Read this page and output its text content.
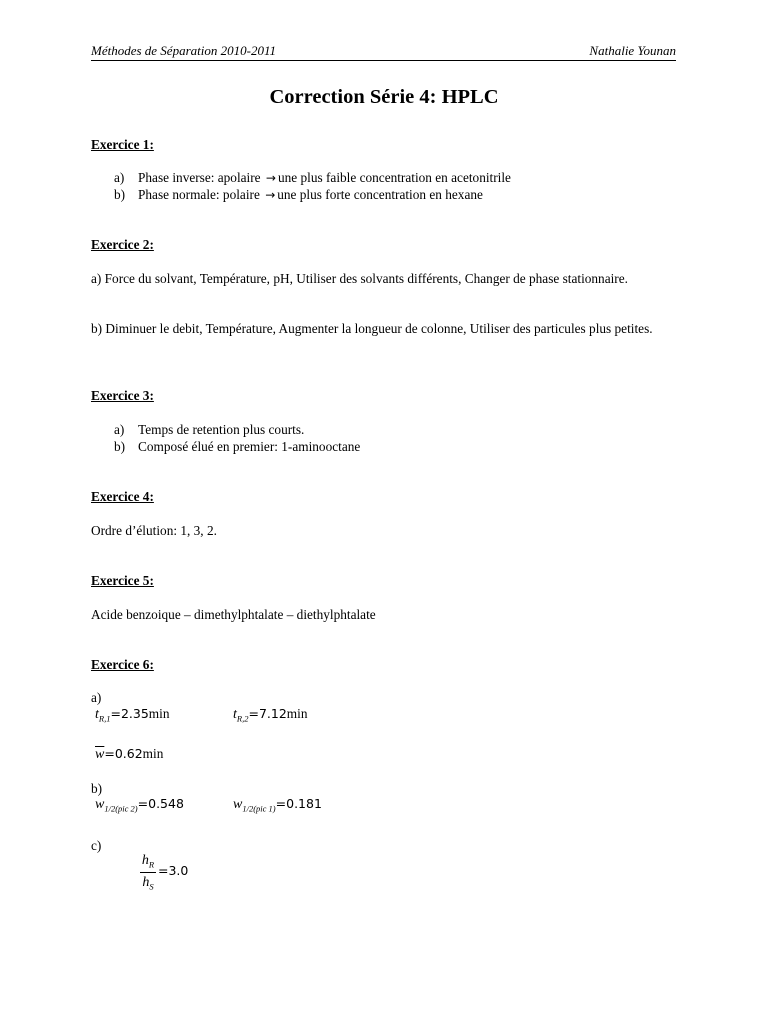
Méthodes de Séparation 2010-2011	Nathalie Younan
Correction Série 4: HPLC
Exercice 1:
a) Phase inverse: apolaire → une plus faible concentration en acetonitrile
b) Phase normale: polaire → une plus forte concentration en hexane
Exercice 2:
a) Force du solvant, Température, pH, Utiliser des solvants différents, Changer de phase stationnaire.
b) Diminuer le debit, Température, Augmenter la longueur de colonne, Utiliser des particules plus petites.
Exercice 3:
a) Temps de retention plus courts.
b) Composé élué en premier: 1-aminooctane
Exercice 4:
Ordre d’élution: 1, 3, 2.
Exercice 5:
Acide benzoique – dimethylphtalate – diethylphtalate
Exercice 6:
a)
$t_{R,1}=2.35\min$	$t_{R,2}=7.12\min$
$\overline{w}=0.62\min$
b)
$w_{1/2(pic 2)}=0.548$	$w_{1/2(pic 1)}=0.181$
c)
$h_R$
$h_S$
=3.0
